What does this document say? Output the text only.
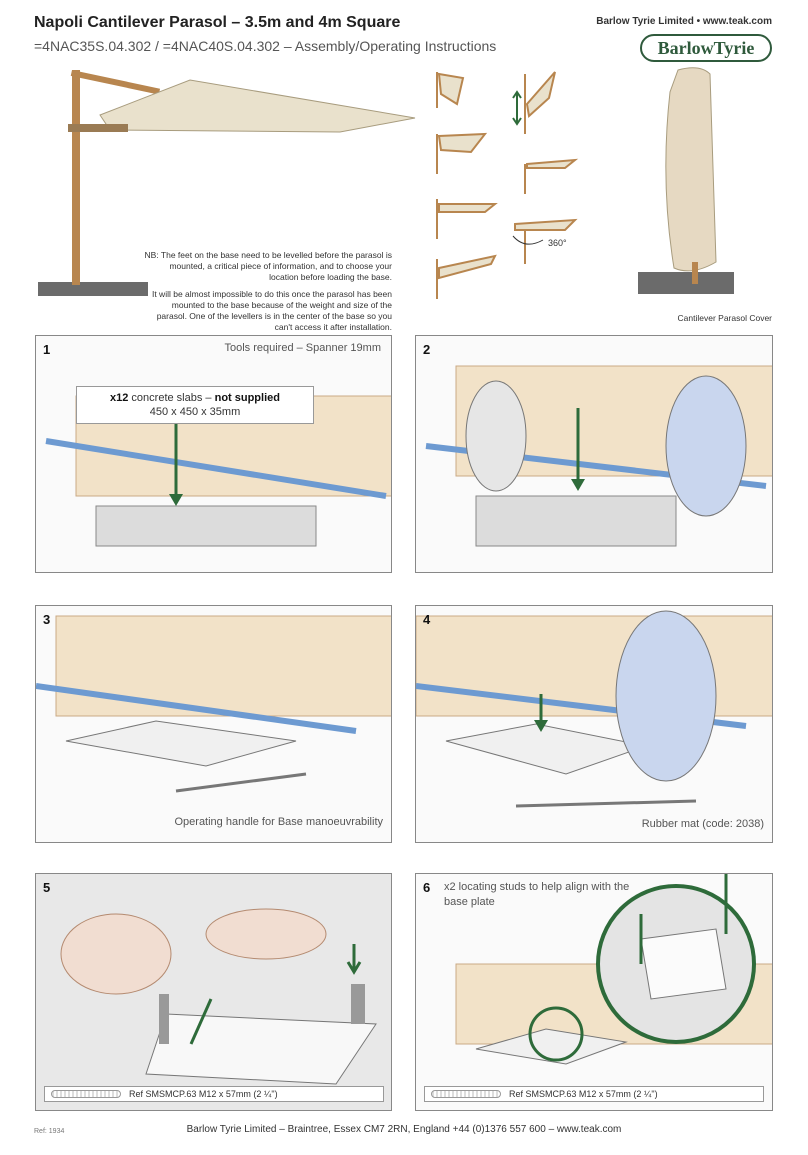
Napoli Cantilever Parasol – 3.5m and 4m Square
=4NAC35S.04.302 / =4NAC40S.04.302 – Assembly/Operating Instructions
Barlow Tyrie Limited • www.teak.com
BarlowTyrie

NB: The feet on the base need to be levelled before the parasol is mounted, a critical piece of information, and to choose your location before loading the base.

It will be almost impossible to do this once the parasol has been mounted to the base because of the weight and size of the parasol. One of the levellers is in the center of the base so you can't access it after installation.

360°
Cantilever Parasol Cover
1	Tools required – Spanner 19mm
x12 concrete slabs – not supplied
450 x 450 x 35mm
2
3
Operating handle for Base manoeuvrability
4
Rubber mat (code: 2038)
5
Ref SMSMCP.63 M12 x 57mm (2 ¼")
6 x2 locating studs to help align with the base plate
Ref SMSMCP.63 M12 x 57mm (2 ¼")
Ref: 1934	Barlow Tyrie Limited – Braintree, Essex CM7 2RN, England +44 (0)1376 557 600 – www.teak.com
